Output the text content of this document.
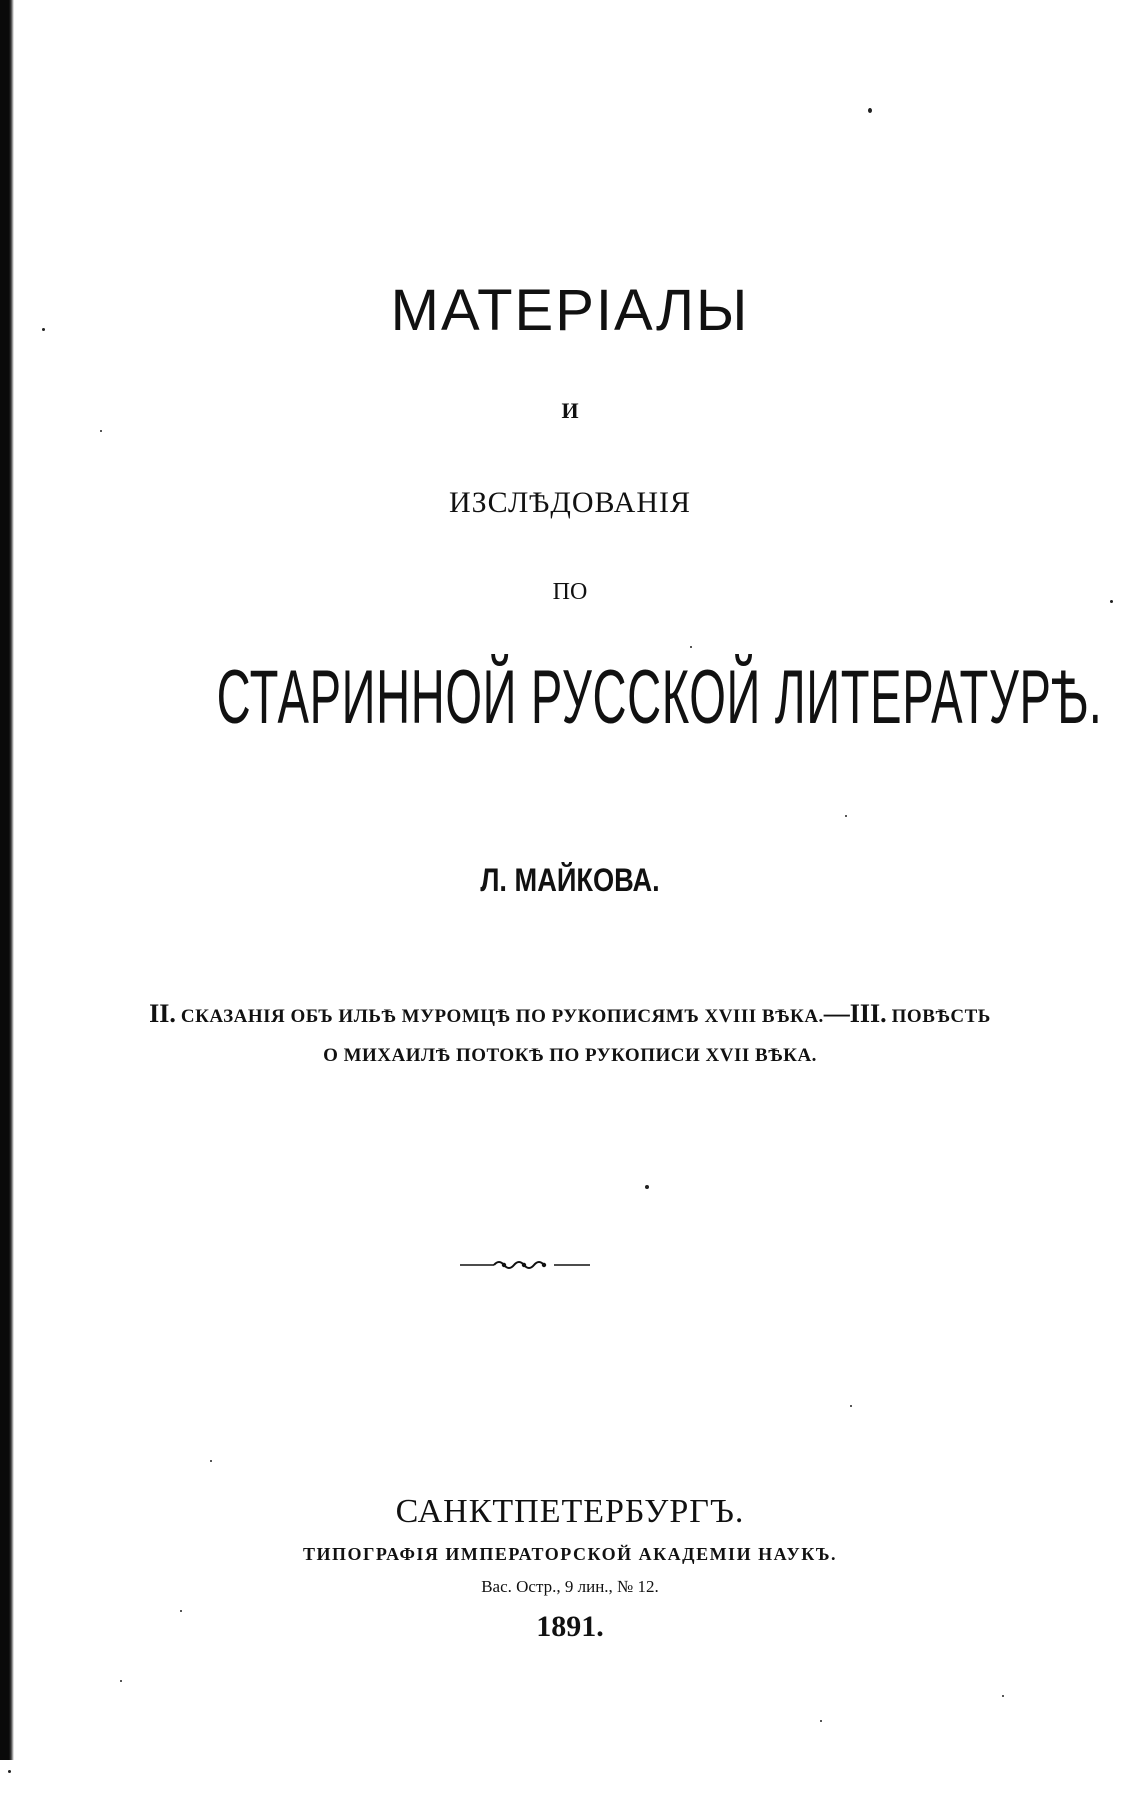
МАТЕРІАЛЫ
И
ИЗСЛѢДОВАНІЯ
ПО
СТАРИННОЙ РУССКОЙ ЛИТЕРАТУРѢ.
Л. МАЙКОВА.
II. СКАЗАНІЯ ОБЪ ИЛЬѢ МУРОМЦѢ ПО РУКОПИСЯМЪ XVIII ВѢКА.—III. ПОВѢСТЬ
О МИХАИЛѢ ПОТОКѢ ПО РУКОПИСИ XVII ВѢКА.
САНКТПЕТЕРБУРГЪ.
ТИПОГРАФІЯ ИМПЕРАТОРСКОЙ АКАДЕМІИ НАУКЪ.
Вас. Остр., 9 лин., № 12.
1891.
